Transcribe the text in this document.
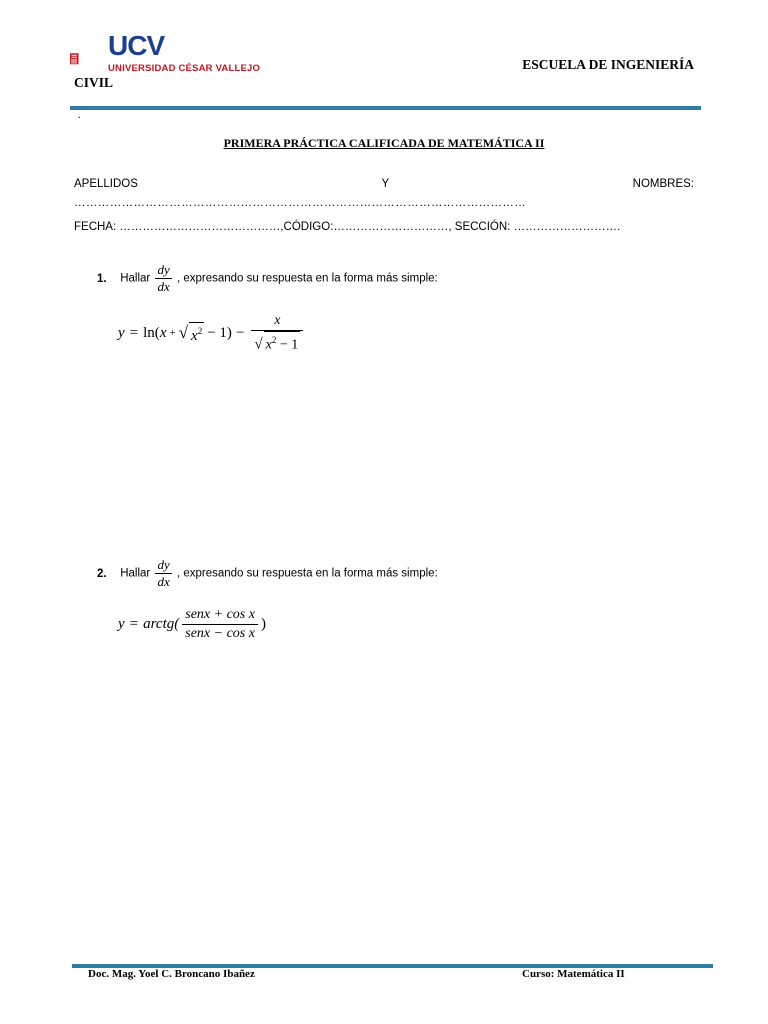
UCV
UNIVERSIDAD CÉSAR VALLEJO	ESCUELA DE INGENIERÍA
CIVIL
.
PRIMERA PRÁCTICA CALIFICADA DE MATEMÁTICA II
APELLIDOS	Y	NOMBRES:
……………………………………………………………………………………………………
FECHA: ……………………………………,CÓDIGO:…………………………, SECCIÓN: ……………………….
1. Hallar $\frac{dy}{dx}$ , expresando su respuesta en la forma más simple:
y = ln( x + √ $x^2 - 1) - \frac{x}{√ x^2 - 1}$
2. Hallar $\frac{dy}{dx}$ , expresando su respuesta en la forma más simple:
y = arctg( $\frac{\text{senx + cos x}}{\text{senx − cos x}}$ )
Doc. Mag. Yoel C. Broncano Ibañez	Curso: Matemática II
